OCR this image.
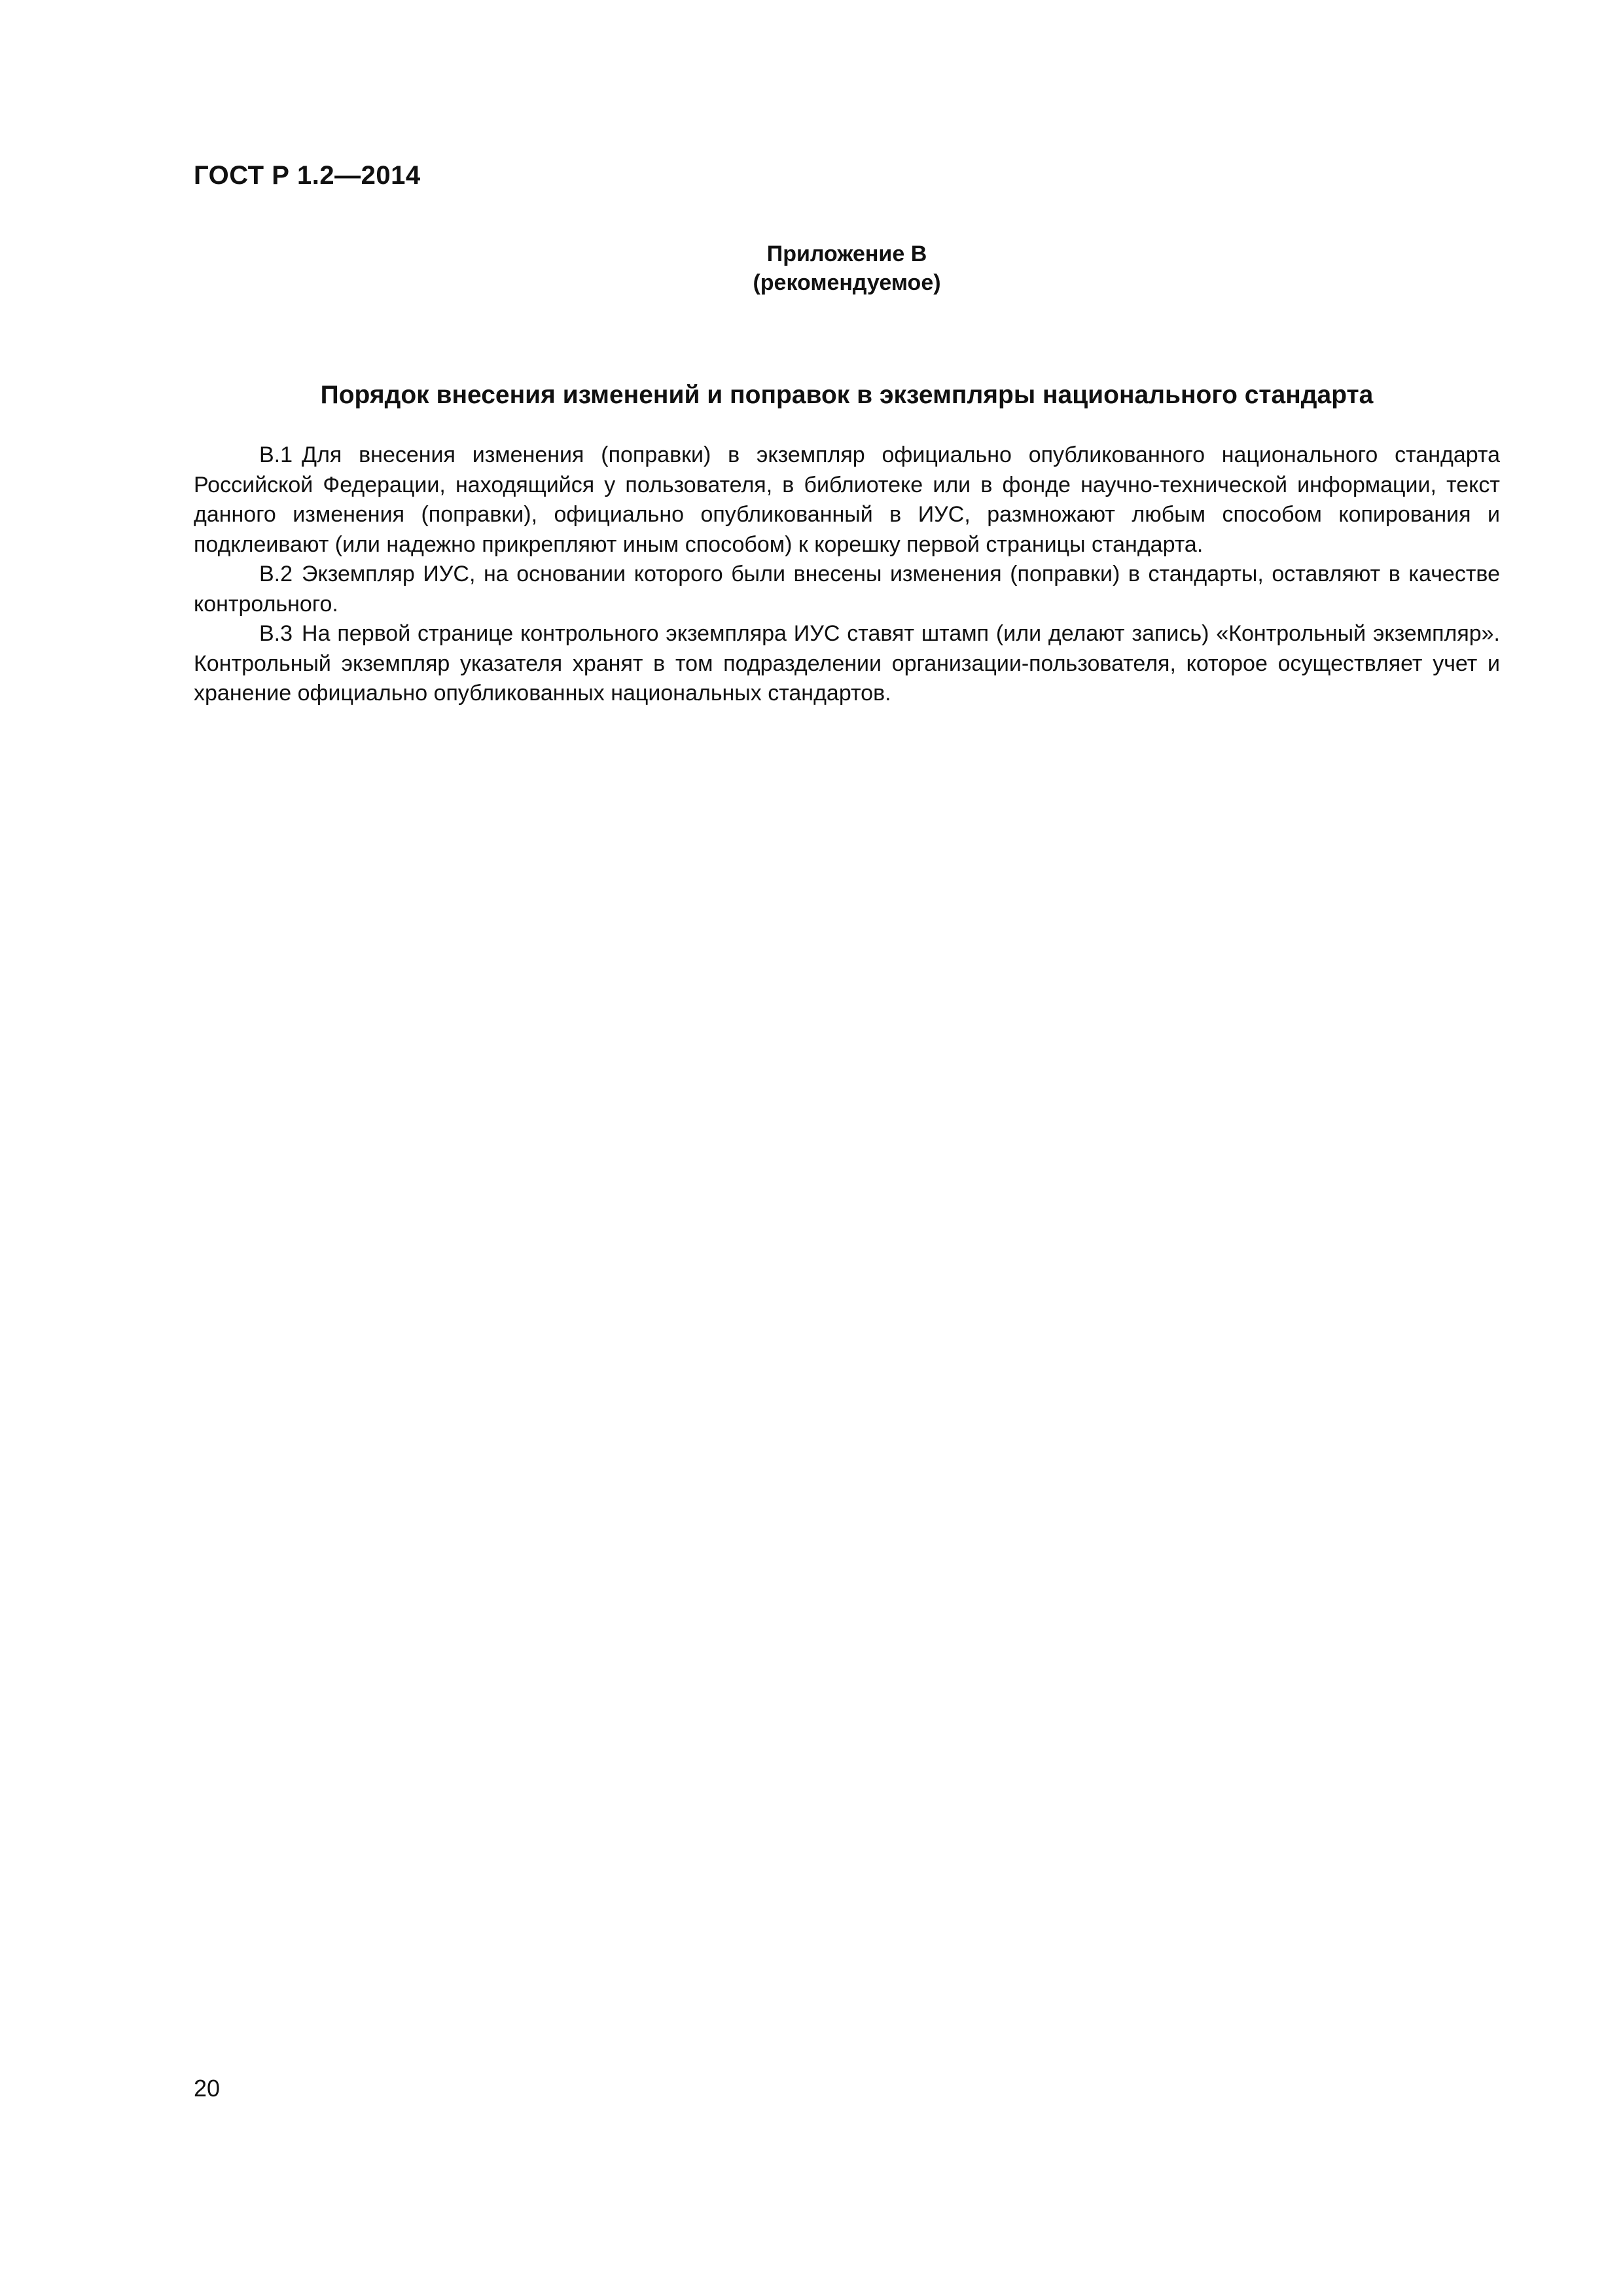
ГОСТ Р 1.2—2014

Приложение В

(рекомендуемое)

Порядок внесения изменений и поправок в экземпляры национального стандарта

В.1 Для внесения изменения (поправки) в экземпляр официально опубликованного национального стандарта Российской Федерации, находящийся у пользователя, в библиотеке или в фонде научно-технической информации, текст данного изменения (поправки), официально опубликованный в ИУС, размножают любым способом копирования и подклеивают (или надежно прикрепляют иным способом) к корешку первой страницы стандарта.

В.2 Экземпляр ИУС, на основании которого были внесены изменения (поправки) в стандарты, оставляют в качестве контрольного.

В.3 На первой странице контрольного экземпляра ИУС ставят штамп (или делают запись) «Контрольный экземпляр». Контрольный экземпляр указателя хранят в том подразделении организации-пользователя, которое осуществляет учет и хранение официально опубликованных национальных стандартов.

20
